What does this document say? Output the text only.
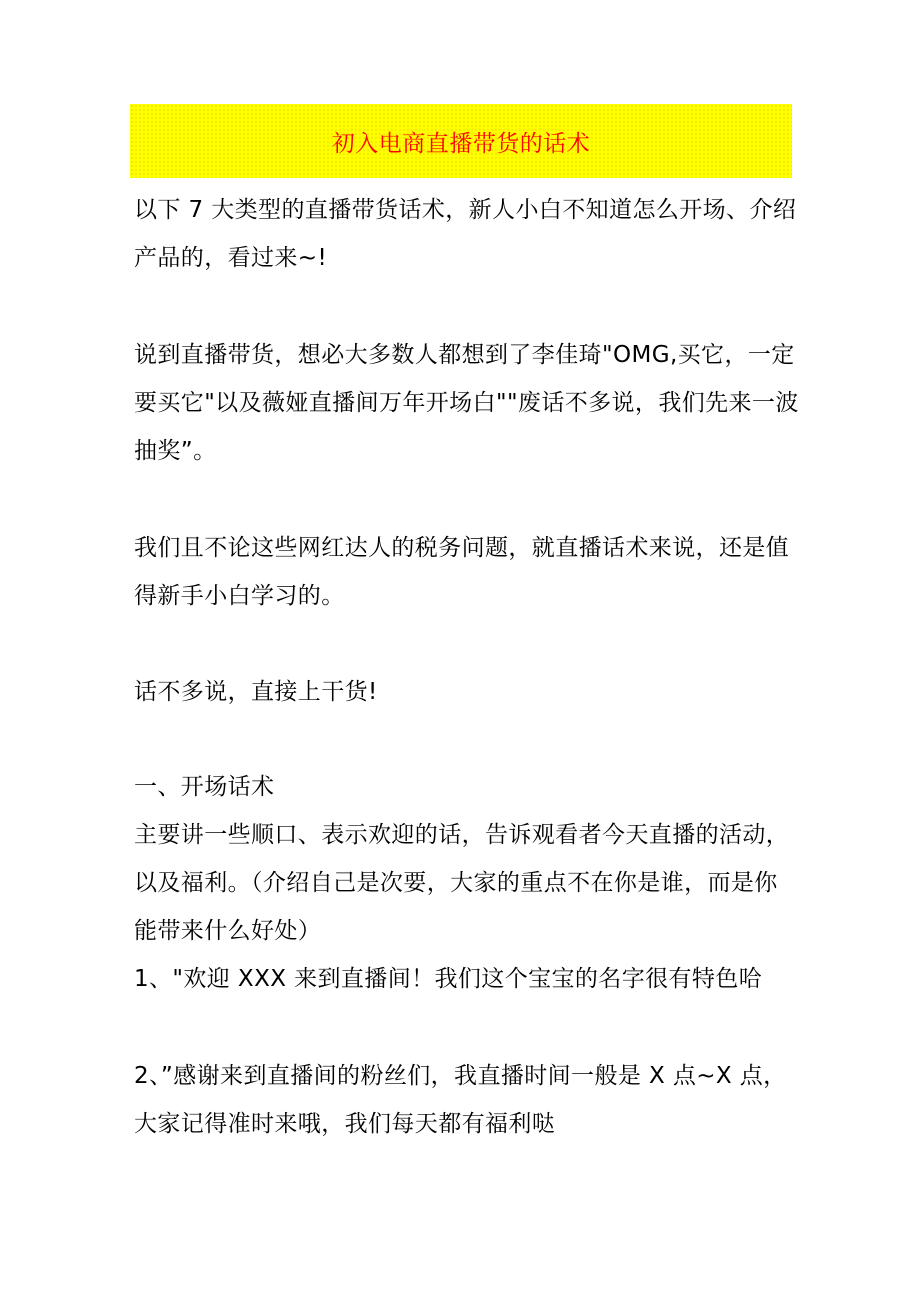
初入电商直播带货的话术
以下 7 大类型的直播带货话术，新人小白不知道怎么开场、介绍
产品的，看过来~!
说到直播带货，想必大多数人都想到了李佳琦"OMG,买它，一定
要买它"以及薇娅直播间万年开场白""废话不多说，我们先来一波
抽奖”。
我们且不论这些网红达人的税务问题，就直播话术来说，还是值
得新手小白学习的。
话不多说，直接上干货!
一、开场话术
主要讲一些顺口、表示欢迎的话，告诉观看者今天直播的活动，
以及福利。（介绍自己是次要，大家的重点不在你是谁，而是你
能带来什么好处）
1、"欢迎 XXX 来到直播间！我们这个宝宝的名字很有特色哈
2、”感谢来到直播间的粉丝们，我直播时间一般是 X 点~X 点，
大家记得准时来哦，我们每天都有福利哒
